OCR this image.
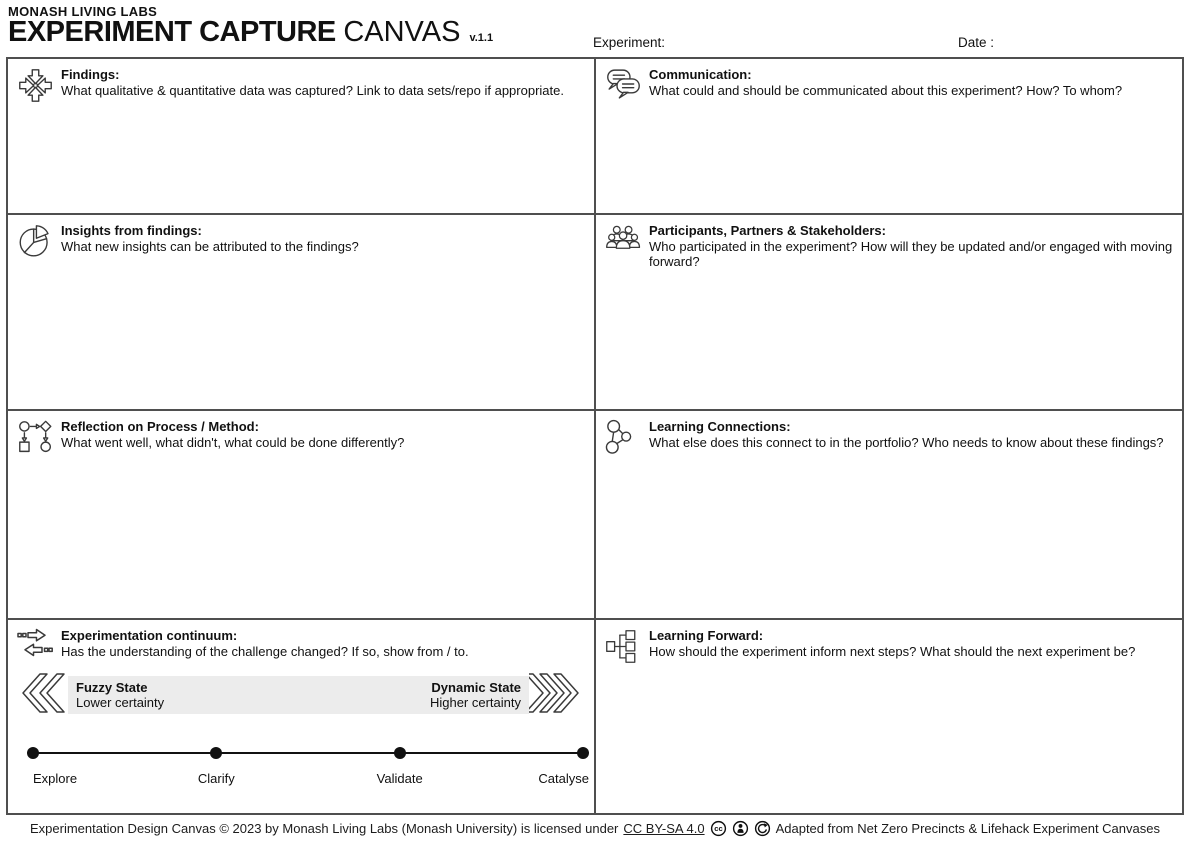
MONASH LIVING LABS
EXPERIMENT CAPTURE CANVAS v.1.1	Experiment:	Date :
Findings:
What qualitative & quantitative data was captured? Link to data sets/repo if appropriate.
Communication:
What could and should be communicated about this experiment? How? To whom?
Insights from findings:
What new insights can be attributed to the findings?
Participants, Partners & Stakeholders:
Who participated in the experiment? How will they be updated and/or engaged with moving forward?
Reflection on Process / Method:
What went well, what didn't, what could be done differently?
Learning Connections:
What else does this connect to in the portfolio? Who needs to know about these findings?
Experimentation continuum:
Has the understanding of the challenge changed? If so, show from / to.
Fuzzy State
Lower certainty
Dynamic State
Higher certainty
Explore	Clarify	Validate	Catalyse
Learning Forward:
How should the experiment inform next steps? What should the next experiment be?
Experimentation Design Canvas © 2023 by Monash Living Labs (Monash University) is licensed under CC BY-SA 4.0 cc	Adapted from Net Zero Precincts & Lifehack Experiment Canvases
